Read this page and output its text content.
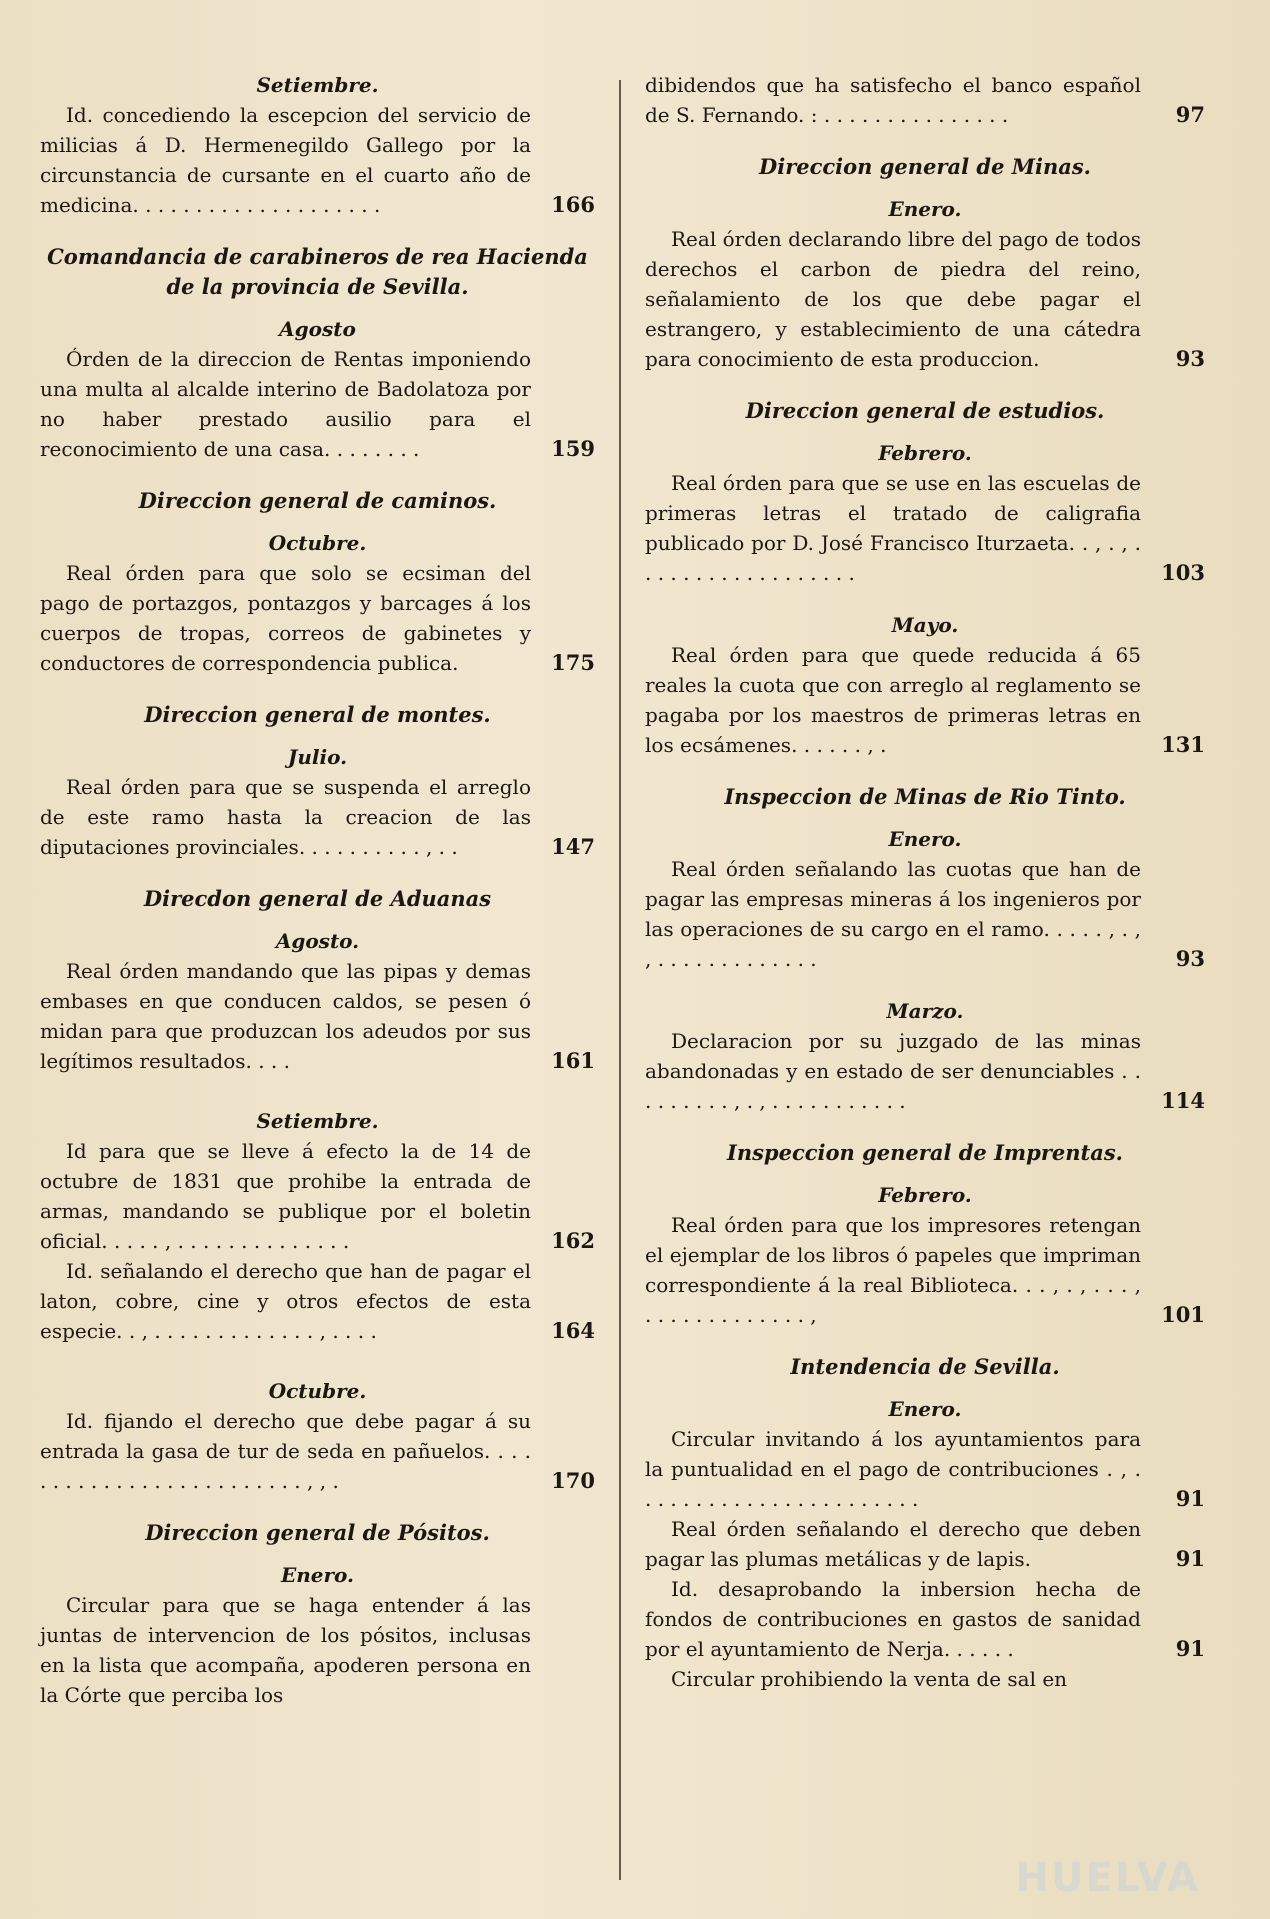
Setiembre.

Id. concediendo la escepcion del servicio de milicias á D. Hermenegildo Gallego por la circunstancia de cursante en el cuarto año de medicina. . . . . . . . . . . . . . . . . . . .	166

Comandancia de carabineros de rea Hacienda de la provincia de Sevilla.

Agosto

Órden de la direccion de Rentas imponiendo una multa al alcalde interino de Badolatoza por no haber prestado ausilio para el reconocimiento de una casa. . . . . . . .	159

Direccion general de caminos.

Octubre.

Real órden para que solo se ecsiman del pago de portazgos, pontazgos y barcages á los cuerpos de tropas, correos de gabinetes y conductores de correspondencia publica.	175

Direccion general de montes.

Julio.

Real órden para que se suspenda el arreglo de este ramo hasta la creacion de las diputaciones provinciales. . . . . . . . . . , . .	147

Direcdon general de Aduanas

Agosto.

Real órden mandando que las pipas y demas embases en que conducen caldos, se pesen ó midan para que produzcan los adeudos por sus legítimos resultados. . . .	161

Setiembre.

Id para que se lleve á efecto la de 14 de octubre de 1831 que prohibe la entrada de armas, mandando se publique por el boletin oficial. . . . . , . . . . . . . . . . . . . .	162

Id. señalando el derecho que han de pagar el laton, cobre, cine y otros efectos de esta especie. . , . . . . . . . . . . . . . , . . . .	164

Octubre.

Id. fijando el derecho que debe pagar á su entrada la gasa de tur de seda en pañuelos. . . . . . . . . . . . . . . . . . . . . . . . . , , .	170

Direccion general de Pósitos.

Enero.

Circular para que se haga entender á las juntas de intervencion de los pósitos, inclusas en la lista que acompaña, apoderen persona en la Córte que perciba los

dibidendos que ha satisfecho el banco español de S. Fernando. : . . . . . . . . . . . . . . .	97

Direccion general de Minas.

Enero.

Real órden declarando libre del pago de todos derechos el carbon de piedra del reino, señalamiento de los que debe pagar el estrangero, y establecimiento de una cátedra para conocimiento de esta produccion.	93

Direccion general de estudios.

Febrero.

Real órden para que se use en las escuelas de primeras letras el tratado de caligrafia publicado por D. José Francisco Iturzaeta. . , . , . . . . . . . . . . . . . . . . . .	103

Mayo.

Real órden para que quede reducida á 65 reales la cuota que con arreglo al reglamento se pagaba por los maestros de primeras letras en los ecsámenes. . . . . . , .	131

Inspeccion de Minas de Rio Tinto.

Enero.

Real órden señalando las cuotas que han de pagar las empresas mineras á los ingenieros por las operaciones de su cargo en el ramo. . . . . , . , , . . . . . . . . . . . . .	93

Marzo.

Declaracion por su juzgado de las minas abandonadas y en estado de ser denunciables . . . . . . . . . , . , . . . . . . . . . . .	114

Inspeccion general de Imprentas.

Febrero.

Real órden para que los impresores retengan el ejemplar de los libros ó papeles que impriman correspondiente á la real Biblioteca. . . , . , . . . , . . . . . . . . . . . . . ,	101

Intendencia de Sevilla.

Enero.

Circular invitando á los ayuntamientos para la puntualidad en el pago de contribuciones . , . . . . . . . . . . . . . . . . . . . . . . .	91

Real órden señalando el derecho que deben pagar las plumas metálicas y de lapis.	91

Id. desaprobando la inbersion hecha de fondos de contribuciones en gastos de sanidad por el ayuntamiento de Nerja. . . . . .	91

Circular prohibiendo la venta de sal en

HUELVA
